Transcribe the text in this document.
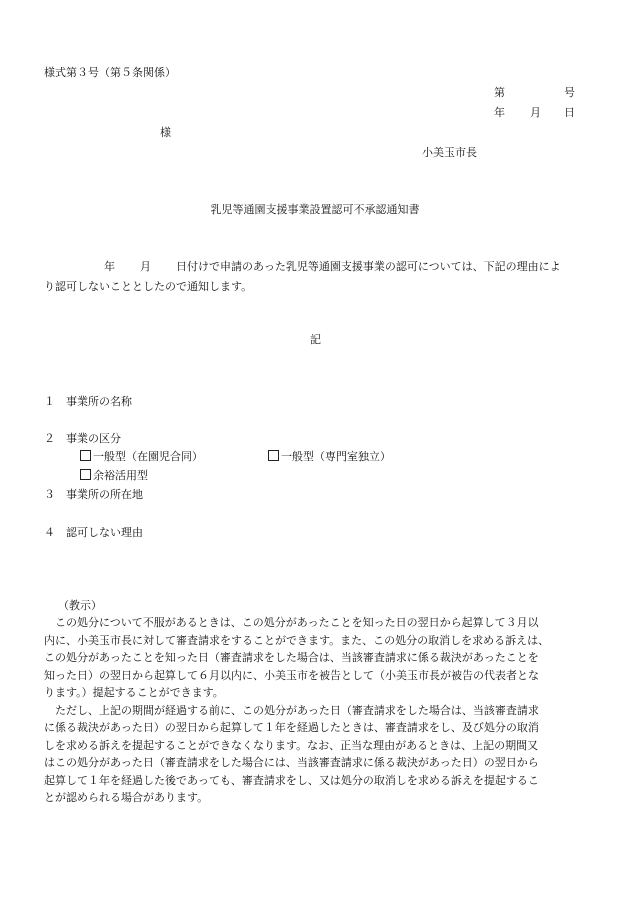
様式第３号（第５条関係）
第	号
年 月 日
様
小美玉市長
乳児等通園支援事業設置認可不承認通知書
年 月 日付けで申請のあった乳児等通園支援事業の認可については、下記の理由によ
り認可しないこととしたので通知します。
記
１ 事業所の名称
２ 事業の区分
一般型（在園児合同）	一般型（専門室独立）
余裕活用型
３ 事業所の所在地
４ 認可しない理由
（教示）
　この処分について不服があるときは、この処分があったことを知った日の翌日から起算して３月以
内に、小美玉市長に対して審査請求をすることができます。また、この処分の取消しを求める訴えは、
この処分があったことを知った日（審査請求をした場合は、当該審査請求に係る裁決があったことを
知った日）の翌日から起算して６月以内に、小美玉市を被告として（小美玉市長が被告の代表者とな
ります。）提起することができます。
　ただし、上記の期間が経過する前に、この処分があった日（審査請求をした場合は、当該審査請求
に係る裁決があった日）の翌日から起算して１年を経過したときは、審査請求をし、及び処分の取消
しを求める訴えを提起することができなくなります。なお、正当な理由があるときは、上記の期間又
はこの処分があった日（審査請求をした場合には、当該審査請求に係る裁決があった日）の翌日から
起算して１年を経過した後であっても、審査請求をし、又は処分の取消しを求める訴えを提起するこ
とが認められる場合があります。
